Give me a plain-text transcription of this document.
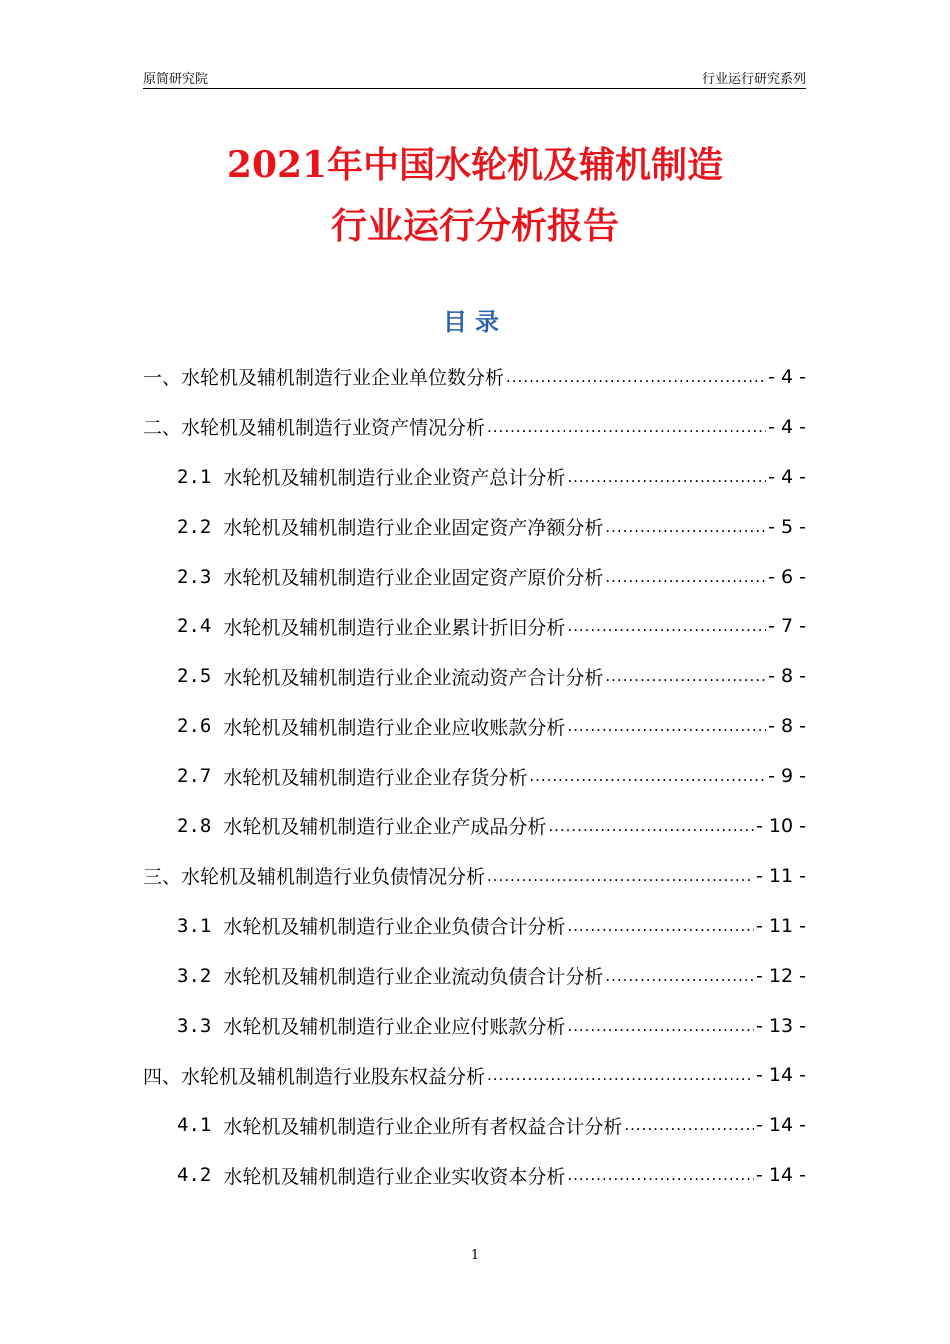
原简研究院	行业运行研究系列
2021年中国水轮机及辅机制造
行业运行分析报告
目录
一、水轮机及辅机制造行业企业单位数分析 .....	- 4 -
二、水轮机及辅机制造行业资产情况分析 .....	- 4 -
2.1 水轮机及辅机制造行业企业资产总计分析 .....	- 4 -
2.2 水轮机及辅机制造行业企业固定资产净额分析 .....	- 5 -
2.3 水轮机及辅机制造行业企业固定资产原价分析 .....	- 6 -
2.4 水轮机及辅机制造行业企业累计折旧分析 .....	- 7 -
2.5 水轮机及辅机制造行业企业流动资产合计分析 .....	- 8 -
2.6 水轮机及辅机制造行业企业应收账款分析 .....	- 8 -
2.7 水轮机及辅机制造行业企业存货分析 .....	- 9 -
2.8 水轮机及辅机制造行业企业产成品分析 .....	- 10 -
三、水轮机及辅机制造行业负债情况分析 .....	- 11 -
3.1 水轮机及辅机制造行业企业负债合计分析 .....	- 11 -
3.2 水轮机及辅机制造行业企业流动负债合计分析 .....	- 12 -
3.3 水轮机及辅机制造行业企业应付账款分析 .....	- 13 -
四、水轮机及辅机制造行业股东权益分析 .....	- 14 -
4.1 水轮机及辅机制造行业企业所有者权益合计分析 .....	- 14 -
4.2 水轮机及辅机制造行业企业实收资本分析 .....	- 14 -
1
